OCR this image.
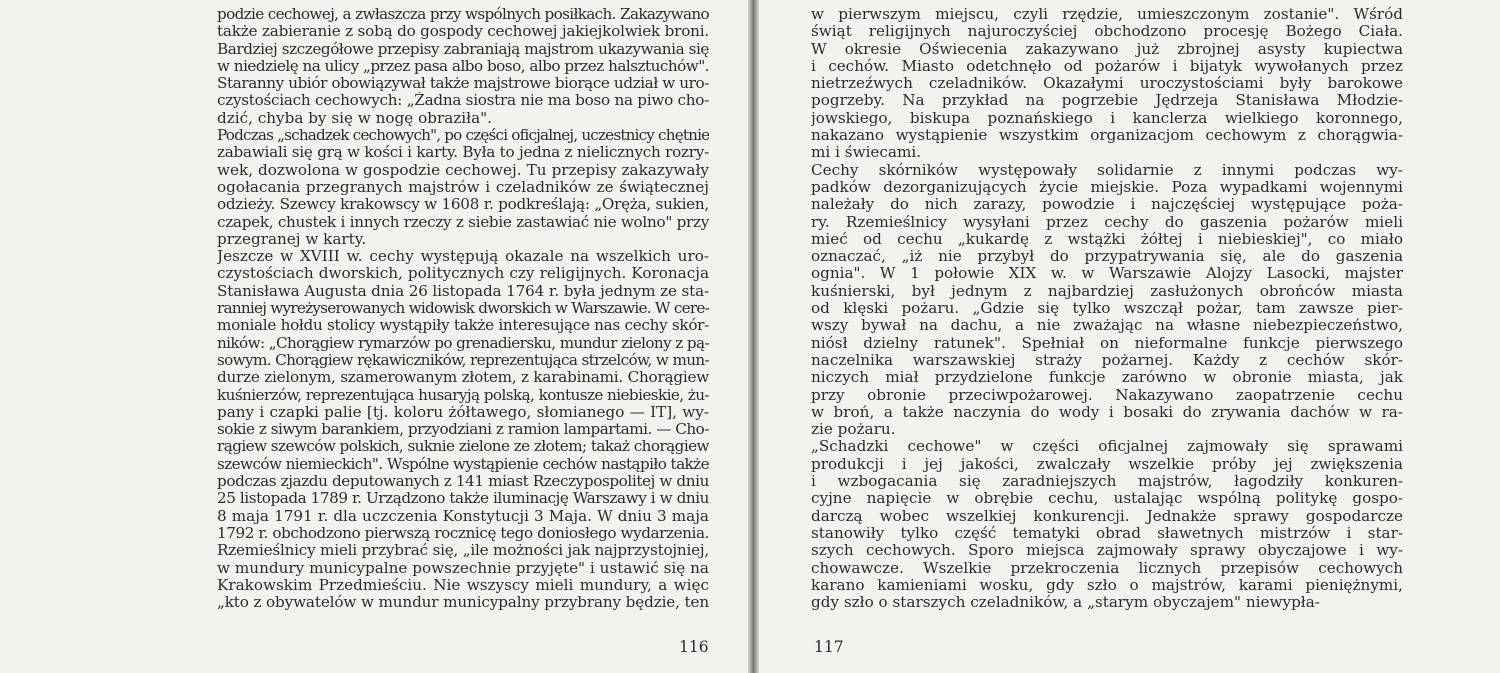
podzie cechowej, a zwłaszcza przy wspólnych posiłkach. Zakazywano
także zabieranie z sobą do gospody cechowej jakiejkolwiek broni.
Bardziej szczegółowe przepisy zabraniają majstrom ukazywania się
w niedzielę na ulicy „przez pasa albo boso, albo przez halsztuchów".
Staranny ubiór obowiązywał także majstrowe biorące udział w uro-
czystościach cechowych: „Żadna siostra nie ma boso na piwo cho-
dzić, chyba by się w nogę obraziła".
Podczas „schadzek cechowych", po części oficjalnej, uczestnicy chętnie
zabawiali się grą w kości i karty. Była to jedna z nielicznych rozry-
wek, dozwolona w gospodzie cechowej. Tu przepisy zakazywały
ogołacania przegranych majstrów i czeladników ze świątecznej
odzieży. Szewcy krakowscy w 1608 r. podkreślają: „Oręża, sukien,
czapek, chustek i innych rzeczy z siebie zastawiać nie wolno" przy
przegranej w karty.
Jeszcze w XVIII w. cechy występują okazale na wszelkich uro-
czystościach dworskich, politycznych czy religijnych. Koronacja
Stanisława Augusta dnia 26 listopada 1764 r. była jednym ze sta-
ranniej wyreżyserowanych widowisk dworskich w Warszawie. W cere-
moniale hołdu stolicy wystąpiły także interesujące nas cechy skór-
ników: „Chorągiew rymarzów po grenadiersku, mundur zielony z pą-
sowym. Chorągiew rękawiczników, reprezentująca strzelców, w mun-
durze zielonym, szamerowanym złotem, z karabinami. Chorągiew
kuśnierzów, reprezentująca husaryją polską, kontusze niebieskie, żu-
pany i czapki palie [tj. koloru żółtawego, słomianego — IT], wy-
sokie z siwym barankiem, przyodziani z ramion lampartami. — Cho-
rągiew szewców polskich, suknie zielone ze złotem; takaż chorągiew
szewców niemieckich". Wspólne wystąpienie cechów nastąpiło także
podczas zjazdu deputowanych z 141 miast Rzeczypospolitej w dniu
25 listopada 1789 r. Urządzono także iluminację Warszawy i w dniu
8 maja 1791 r. dla uczczenia Konstytucji 3 Maja. W dniu 3 maja
1792 r. obchodzono pierwszą rocznicę tego doniosłego wydarzenia.
Rzemieślnicy mieli przybrać się, „ile możności jak najprzystojniej,
w mundury municypalne powszechnie przyjęte" i ustawić się na
Krakowskim Przedmieściu. Nie wszyscy mieli mundury, a więc
„kto z obywatelów w mundur municypalny przybrany będzie, ten
116
w pierwszym miejscu, czyli rzędzie, umieszczonym zostanie". Wśród
świąt religijnych najuroczyściej obchodzono procesję Bożego Ciała.
W okresie Oświecenia zakazywano już zbrojnej asysty kupiectwa
i cechów. Miasto odetchnęło od pożarów i bijatyk wywołanych przez
nietrzeźwych czeladników. Okazałymi uroczystościami były barokowe
pogrzeby. Na przykład na pogrzebie Jędrzeja Stanisława Młodzie-
jowskiego, biskupa poznańskiego i kanclerza wielkiego koronnego,
nakazano wystąpienie wszystkim organizacjom cechowym z chorągwia-
mi i świecami.
Cechy skórników występowały solidarnie z innymi podczas wy-
padków dezorganizujących życie miejskie. Poza wypadkami wojennymi
należały do nich zarazy, powodzie i najczęściej występujące poża-
ry. Rzemieślnicy wysyłani przez cechy do gaszenia pożarów mieli
mieć od cechu „kukardę z wstążki żółtej i niebieskiej", co miało
oznaczać, „iż nie przybył do przypatrywania się, ale do gaszenia
ognia". W 1 połowie XIX w. w Warszawie Alojzy Lasocki, majster
kuśnierski, był jednym z najbardziej zasłużonych obrońców miasta
od klęski pożaru. „Gdzie się tylko wszczął pożar, tam zawsze pier-
wszy bywał na dachu, a nie zważając na własne niebezpieczeństwo,
niósł dzielny ratunek". Spełniał on nieformalne funkcje pierwszego
naczelnika warszawskiej straży pożarnej. Każdy z cechów skór-
niczych miał przydzielone funkcje zarówno w obronie miasta, jak
przy obronie przeciwpożarowej. Nakazywano zaopatrzenie cechu
w broń, a także naczynia do wody i bosaki do zrywania dachów w ra-
zie pożaru.
„Schadzki cechowe" w części oficjalnej zajmowały się sprawami
produkcji i jej jakości, zwalczały wszelkie próby jej zwiększenia
i wzbogacania się zaradniejszych majstrów, łagodziły konkuren-
cyjne napięcie w obrębie cechu, ustalając wspólną politykę gospo-
darczą wobec wszelkiej konkurencji. Jednakże sprawy gospodarcze
stanowiły tylko część tematyki obrad sławetnych mistrzów i star-
szych cechowych. Sporo miejsca zajmowały sprawy obyczajowe i wy-
chowawcze. Wszelkie przekroczenia licznych przepisów cechowych
karano kamieniami wosku, gdy szło o majstrów, karami pieniężnymi,
gdy szło o starszych czeladników, a „starym obyczajem" niewypła-
117
